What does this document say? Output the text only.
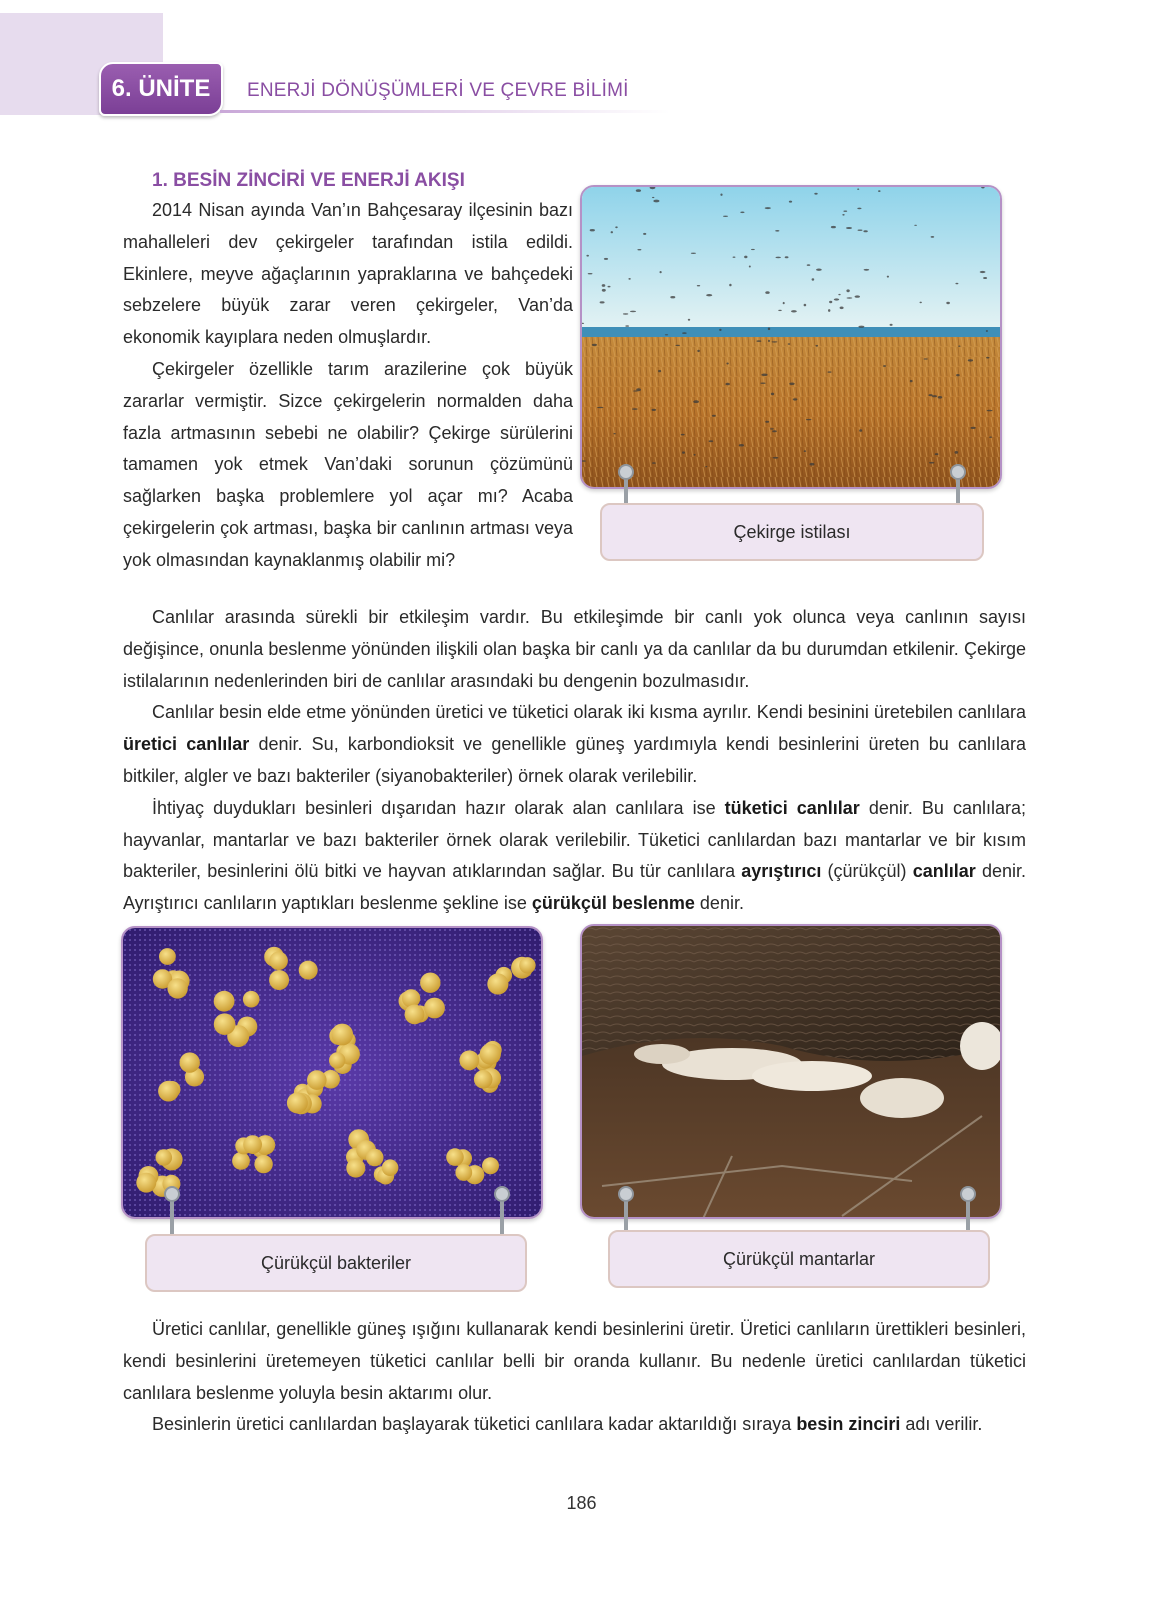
6. ÜNİTE	ENERJİ DÖNÜŞÜMLERİ VE ÇEVRE BİLİMİ
1. BESİN ZİNCİRİ VE ENERJİ AKIŞI

2014 Nisan ayında Van’ın Bahçesaray ilçesinin bazı mahalleleri dev çekirgeler tarafından istila edildi. Ekinlere, meyve ağaçlarının yapraklarına ve bahçedeki sebzelere büyük zarar veren çekirgeler, Van’da ekonomik kayıplara neden olmuşlardır.

Çekirgeler özellikle tarım arazilerine çok büyük zararlar vermiştir. Sizce çekirgelerin normalden daha fazla artmasının sebebi ne olabilir? Çekirge sürülerini tamamen yok etmek Van’daki sorunun çözümünü sağlarken başka problemlere yol açar mı? Acaba çekirgelerin çok artması, başka bir canlının artması veya yok olmasından kaynaklanmış olabilir mi?

Çekirge istilası

Canlılar arasında sürekli bir etkileşim vardır. Bu etkileşimde bir canlı yok olunca veya canlının sayısı değişince, onunla beslenme yönünden ilişkili olan başka bir canlı ya da canlılar da bu durumdan etkilenir. Çekirge istilalarının nedenlerinden biri de canlılar arasındaki bu dengenin bozulmasıdır.

Canlılar besin elde etme yönünden üretici ve tüketici olarak iki kısma ayrılır. Kendi besinini üretebilen canlılara üretici canlılar denir. Su, karbondioksit ve genellikle güneş yardımıyla kendi besinlerini üreten bu canlılara bitkiler, algler ve bazı bakteriler (siyanobakteriler) örnek olarak verilebilir.

İhtiyaç duydukları besinleri dışarıdan hazır olarak alan canlılara ise tüketici canlılar denir. Bu canlılara; hayvanlar, mantarlar ve bazı bakteriler örnek olarak verilebilir. Tüketici canlılardan bazı mantarlar ve bir kısım bakteriler, besinlerini ölü bitki ve hayvan atıklarından sağlar. Bu tür canlılara ayrıştırıcı (çürükçül) canlılar denir. Ayrıştırıcı canlıların yaptıkları beslenme şekline ise çürükçül beslenme denir.

Çürükçül bakteriler	Çürükçül mantarlar

Üretici canlılar, genellikle güneş ışığını kullanarak kendi besinlerini üretir. Üretici canlıların ürettikleri besinleri, kendi besinlerini üretemeyen tüketici canlılar belli bir oranda kullanır. Bu nedenle üretici canlılardan tüketici canlılara beslenme yoluyla besin aktarımı olur.

Besinlerin üretici canlılardan başlayarak tüketici canlılara kadar aktarıldığı sıraya besin zinciri adı verilir.

186
